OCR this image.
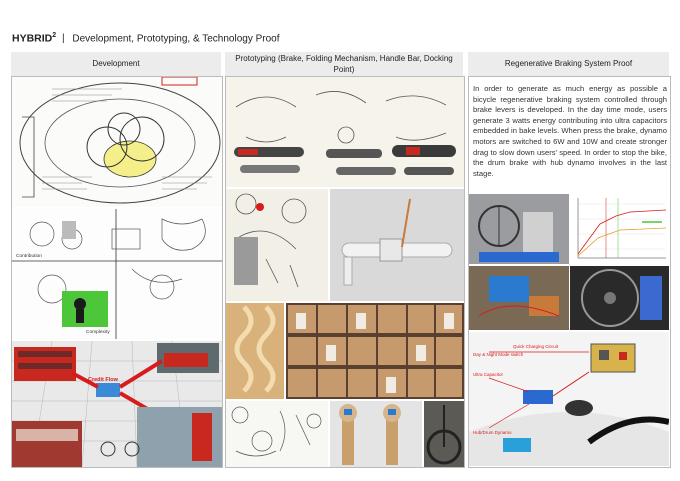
HYBRID$^2$ | Development, Prototyping, & Technology Proof
Development
Contribution
Complexity
Credit Flow
Prototyping (Brake, Folding Mechanism, Handle Bar, Docking Point)
Regenerative Braking System Proof
In order to generate as much energy as possible a bicycle regenerative braking system controlled through brake levers is developed. In the day time mode, users generate 3 watts energy contributing into ultra capacitors embedded in bake levels. When press the brake, dynamo motors are switched to 6W and 10W and create stronger drag to slow down users' speed. In order to stop the bike, the drum brake with hub dynamo involves in the last stage.
Quick Charging Circuit
Day & Night Mode switch
Ultra Capacitor
Hub/Drum Dynamo
